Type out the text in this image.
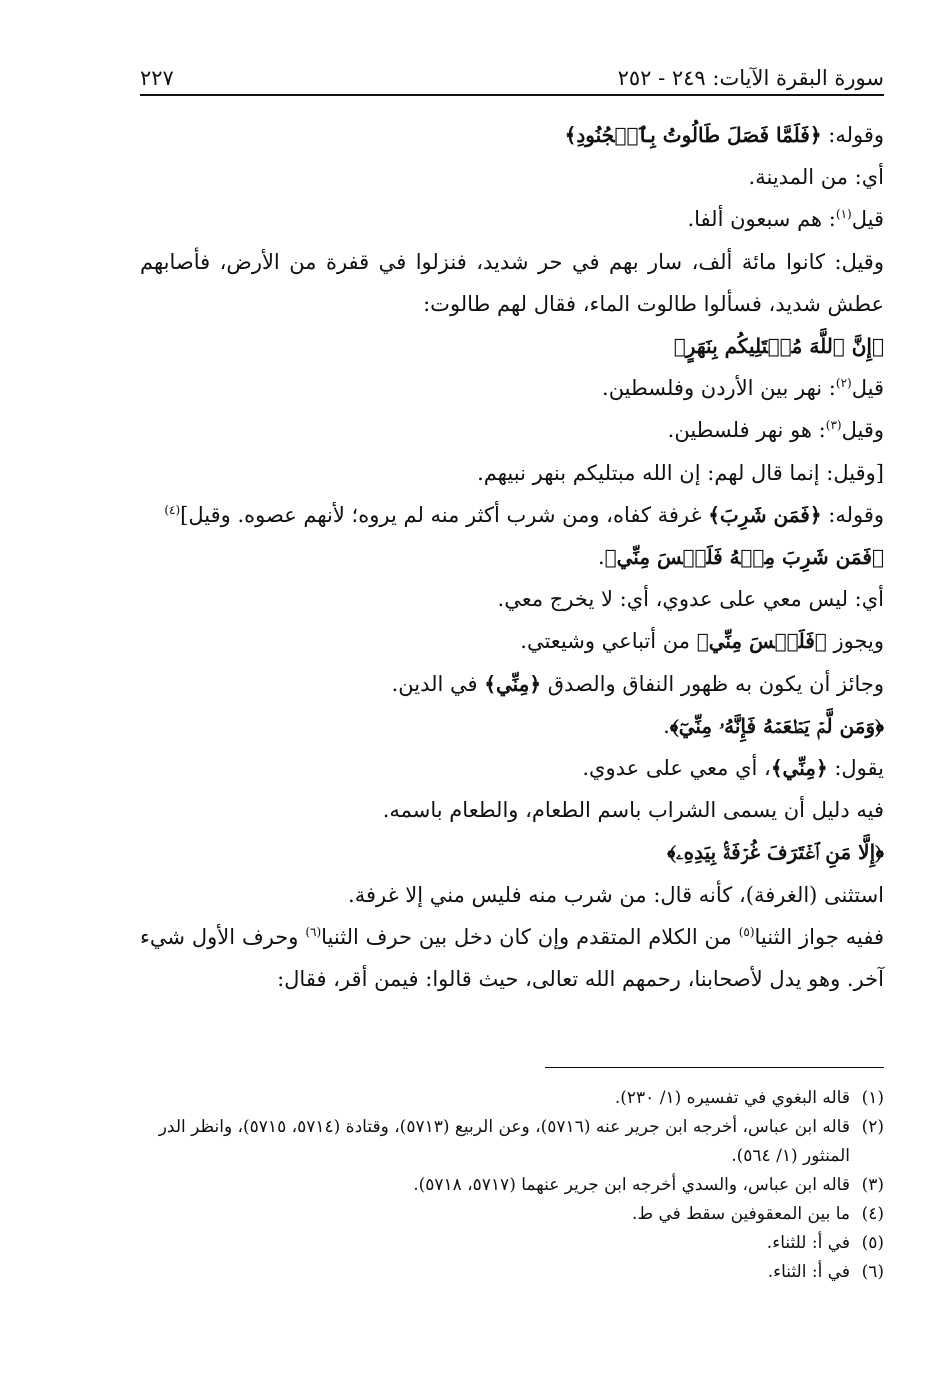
سورة البقرة الآيات: ٢٤٩ - ٢٥٢
٢٢٧

وقوله: ﴿فَلَمَّا فَصَلَ طَالُوتُ بِٱلۡجُنُودِ﴾

أي: من المدينة.

قيل$^{(١)}$: هم سبعون ألفا.

وقيل: كانوا مائة ألف، سار بهم في حر شديد، فنزلوا في قفرة من الأرض، فأصابهم عطش شديد، فسألوا طالوت الماء، فقال لهم طالوت:

﴿إِنَّ ٱللَّهَ مُبۡتَلِيكُم بِنَهَرٍ﴾

قيل$^{(٢)}$: نهر بين الأردن وفلسطين.

وقيل$^{(٣)}$: هو نهر فلسطين.

[وقيل: إنما قال لهم: إن الله مبتليكم بنهر نبيهم.

وقوله: ﴿فَمَن شَرِبَ﴾ غرفة كفاه، ومن شرب أكثر منه لم يروه؛ لأنهم عصوه. وقيل]$^{(٤)}$

﴿فَمَن شَرِبَ مِنۡهُ فَلَيۡسَ مِنِّي﴾.

أي: ليس معي على عدوي، أي: لا يخرج معي.

ويجوز ﴿فَلَيۡسَ مِنِّي﴾ من أتباعي وشيعتي.

وجائز أن يكون به ظهور النفاق والصدق ﴿مِنِّي﴾ في الدين.

﴿وَمَن لَّمۡ يَطۡعَمۡهُ فَإِنَّهُۥ مِنِّيٓ﴾.

يقول: ﴿مِنِّي﴾، أي معي على عدوي.

فيه دليل أن يسمى الشراب باسم الطعام، والطعام باسمه.

﴿إِلَّا مَنِ ٱغۡتَرَفَ غُرۡفَةَۢ بِيَدِهِۦ﴾

استثنى (الغرفة)، كأنه قال: من شرب منه فليس مني إلا غرفة.

ففيه جواز الثنيا$^{(٥)}$ من الكلام المتقدم وإن كان دخل بين حرف الثنيا$^{(٦)}$ وحرف الأول شيء آخر. وهو يدل لأصحابنا، رحمهم الله تعالى، حيث قالوا: فيمن أقر، فقال:

(١)
قاله البغوي في تفسيره (١/ ٢٣٠).
(٢)
قاله ابن عباس، أخرجه ابن جرير عنه (٥٧١٦)، وعن الربيع (٥٧١٣)، وقتادة (٥٧١٤، ٥٧١٥)، وانظر الدر المنثور (١/ ٥٦٤).
(٣)
قاله ابن عباس، والسدي أخرجه ابن جرير عنهما (٥٧١٧، ٥٧١٨).
(٤)
ما بين المعقوفين سقط في ط.
(٥)
في أ: للثناء.
(٦)
في أ: الثناء.
